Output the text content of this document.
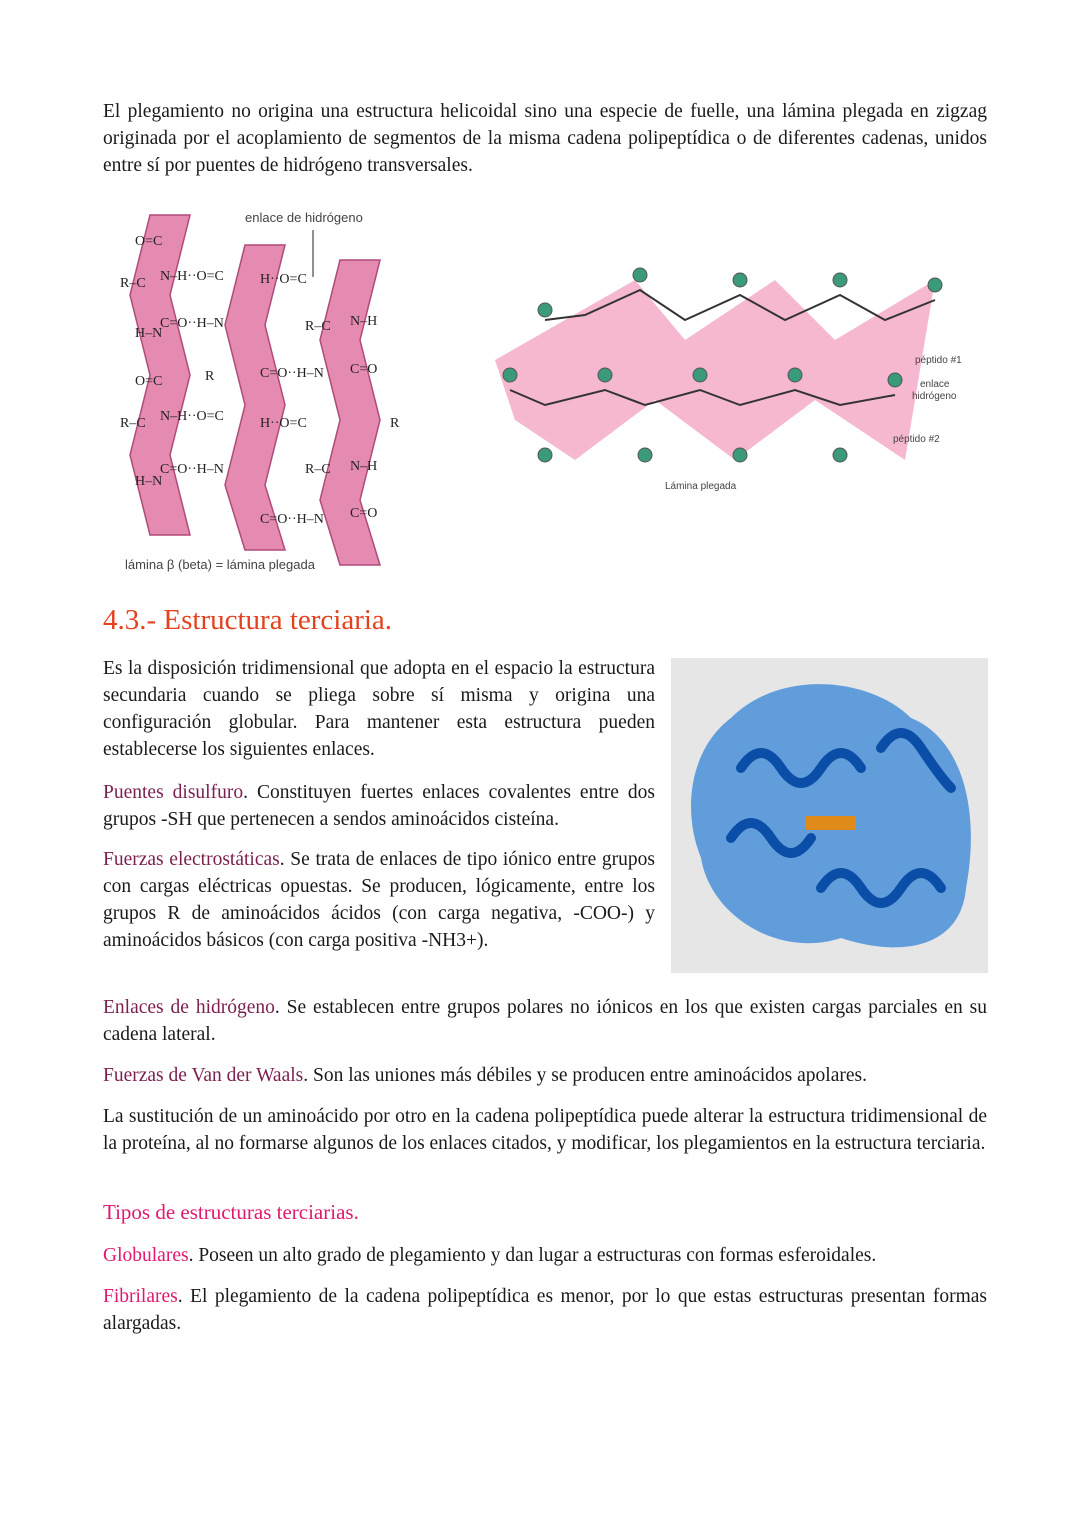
El plegamiento no origina una estructura helicoidal sino una especie de fuelle, una lámina plegada en zigzag originada por el acoplamiento de segmentos de la misma cadena polipeptídica o de diferentes cadenas, unidos entre sí por puentes de hidrógeno transversales.

enlace de hidrógeno
O=C
R–C N–H··O=C
H–N
C=O··H–N
O=C	R
R–C N–H··O=C
H–N
C=O··H–N
H··O=C
R–C N–H
C=O··H–N C=O
H··O=C	R
R–C N–H
C=O··H–N C=O
lámina β (beta) = lámina plegada
péptido #1
enlace
hidrógeno
péptido #2
Lámina plegada
4.3.- Estructura terciaria.

Es la disposición tridimensional que adopta en el espacio la estructura secundaria cuando se pliega sobre sí misma y origina una configuración globular. Para mantener esta estructura pueden establecerse los siguientes enlaces.

Puentes disulfuro. Constituyen fuertes enlaces covalentes entre dos grupos -SH que pertenecen a sendos aminoácidos cisteína.

Fuerzas electrostáticas. Se trata de enlaces de tipo iónico entre grupos con cargas eléctricas opuestas. Se producen, lógicamente, entre los grupos R de aminoácidos ácidos (con carga negativa, -COO-) y aminoácidos básicos (con carga positiva -NH3+).

Enlaces de hidrógeno. Se establecen entre grupos polares no iónicos en los que existen cargas parciales en su cadena lateral.

Fuerzas de Van der Waals. Son las uniones más débiles y se producen entre aminoácidos apolares.

La sustitución de un aminoácido por otro en la cadena polipeptídica puede alterar la estructura tridimensional de la proteína, al no formarse algunos de los enlaces citados, y modificar, los plegamientos en la estructura terciaria.

Tipos de estructuras terciarias.

Globulares. Poseen un alto grado de plegamiento y dan lugar a estructuras con formas esferoidales.

Fibrilares. El plegamiento de la cadena polipeptídica es menor, por lo que estas estructuras presentan formas alargadas.
